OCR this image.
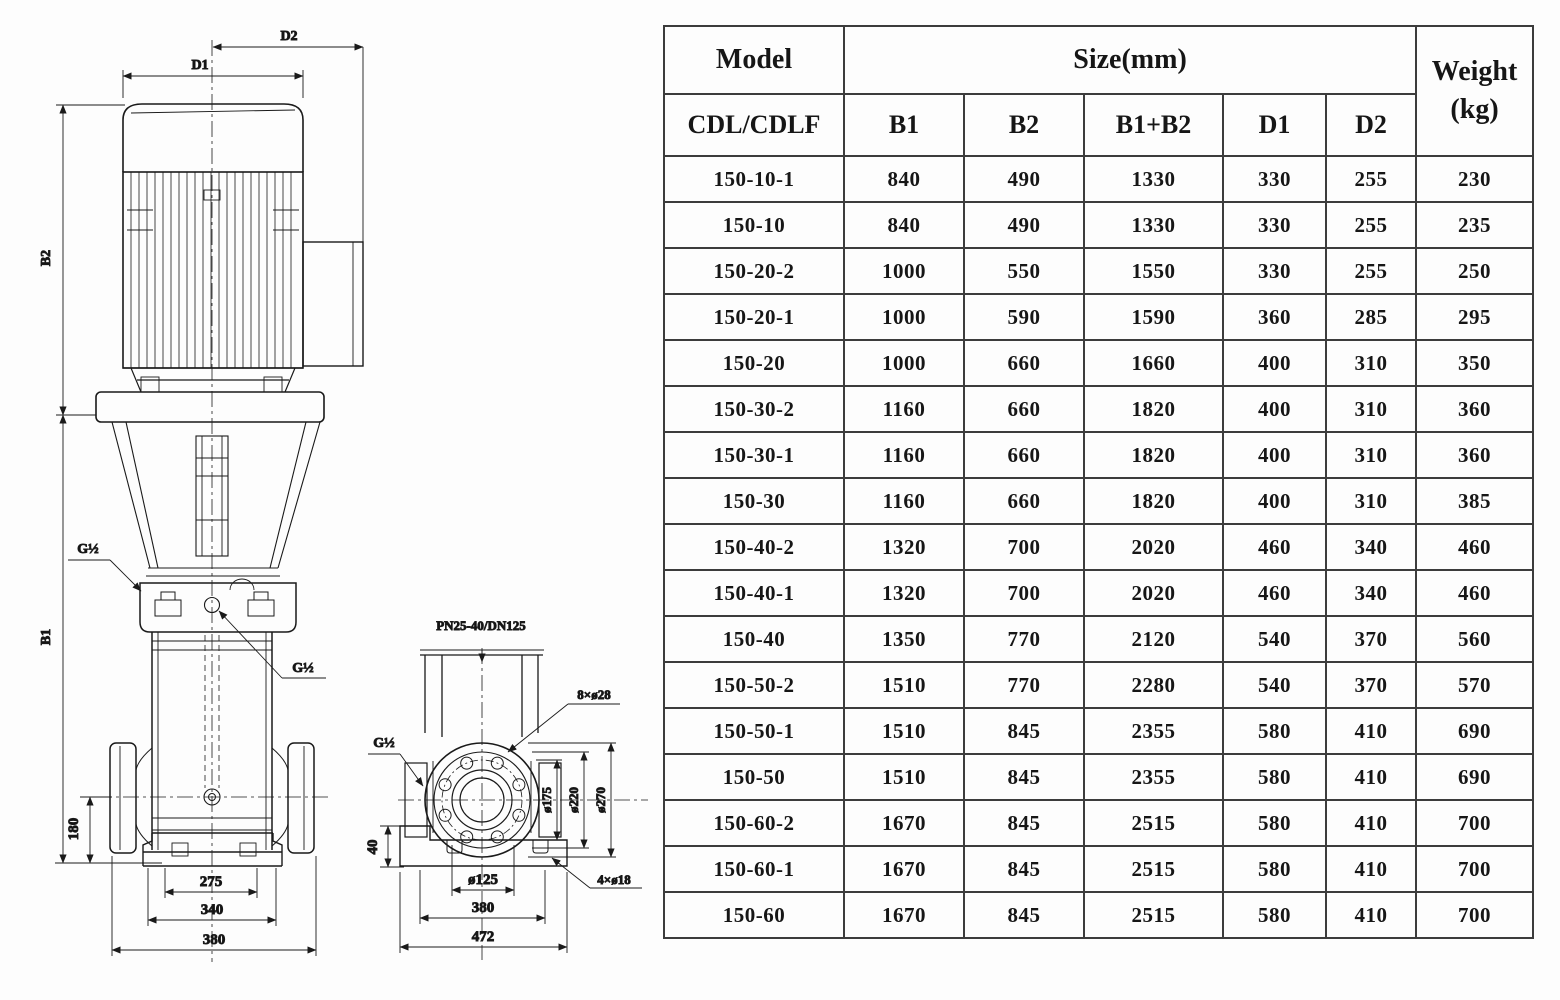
D1
D2
B2
B1
180
275
340
380
G½
G½
PN25-40/DN125
8×ø28
ø175 ø220 ø270
ø125
380
472
4×ø18
G½
40
Model	Size(mm)					Weight
(kg)

CDL/CDLF	B1	B2	B1+B2	D1	D2	
150-10-1	840	490	1330	330	255	230
150-10	840	490	1330	330	255	235
150-20-2	1000	550	1550	330	255	250
150-20-1	1000	590	1590	360	285	295
150-20	1000	660	1660	400	310	350
150-30-2	1160	660	1820	400	310	360
150-30-1	1160	660	1820	400	310	360
150-30	1160	660	1820	400	310	385
150-40-2	1320	700	2020	460	340	460
150-40-1	1320	700	2020	460	340	460
150-40	1350	770	2120	540	370	560
150-50-2	1510	770	2280	540	370	570
150-50-1	1510	845	2355	580	410	690
150-50	1510	845	2355	580	410	690
150-60-2	1670	845	2515	580	410	700
150-60-1	1670	845	2515	580	410	700
150-60	1670	845	2515	580	410	700
